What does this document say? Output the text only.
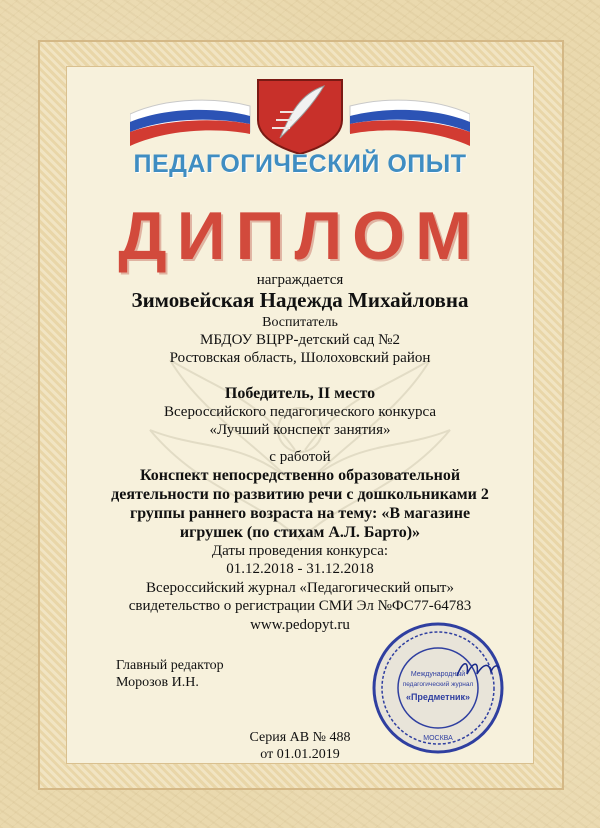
ПЕДАГОГИЧЕСКИЙ ОПЫТ
ДИПЛОМ
награждается
Зимовейская Надежда Михайловна
Воспитатель
МБДОУ ВЦРР-детский сад №2
Ростовская область, Шолоховский район
Победитель, II место
Всероссийского педагогического конкурса
«Лучший конспект занятия»
с работой
Конспект непосредственно образовательной деятельности по развитию речи с дошкольниками 2 группы раннего возраста на тему: «В магазине игрушек (по стихам А.Л. Барто)»
Даты проведения конкурса:
01.12.2018 - 31.12.2018
Всероссийский журнал «Педагогический опыт»
свидетельство о регистрации СМИ Эл №ФС77-64783
www.pedopyt.ru
Главный редактор
Морозов И.Н.
Международный
педагогический журнал
«Предметник»
МОСКВА
Серия АВ № 488
от 01.01.2019
